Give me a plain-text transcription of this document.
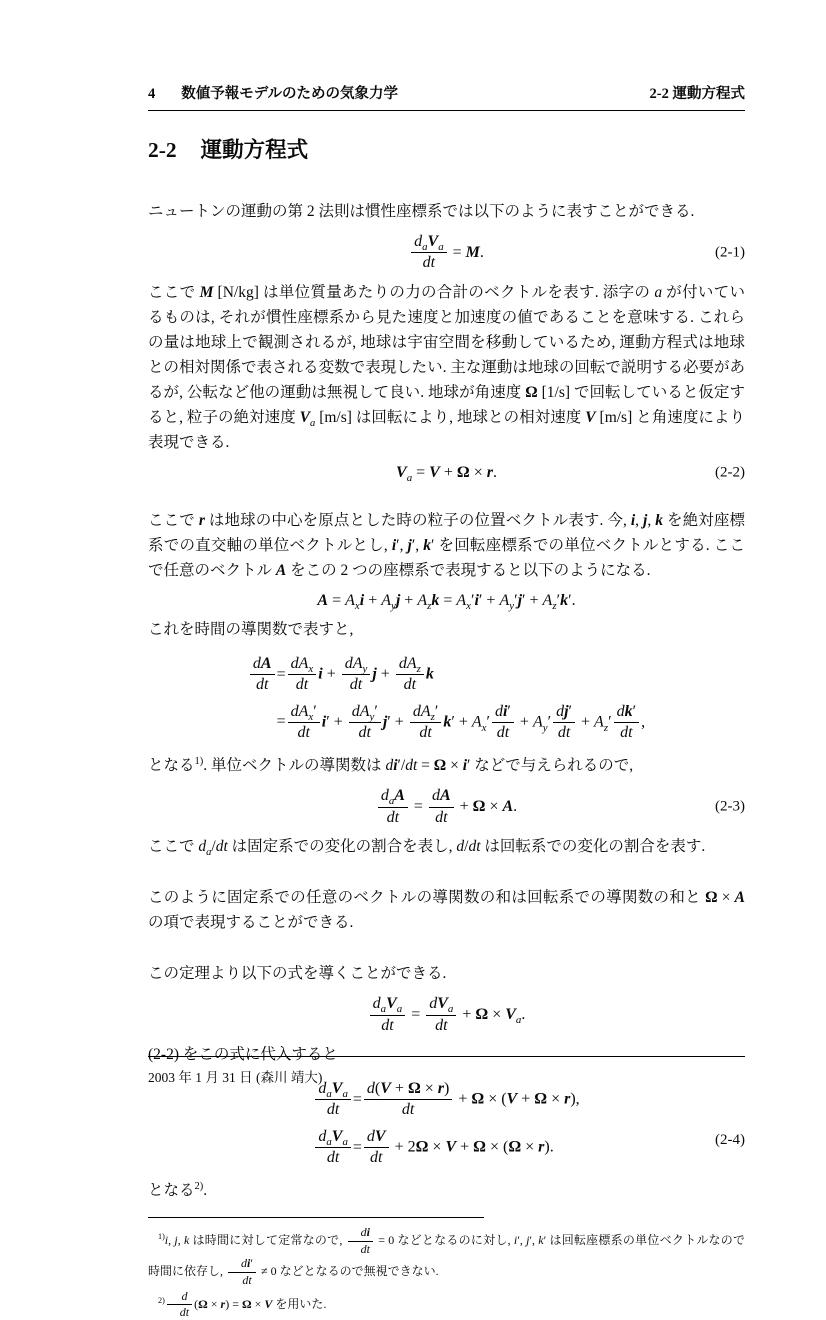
4 数値予報モデルのための気象力学	2-2 運動方程式
2-2 運動方程式

ニュートンの運動の第 2 法則は慣性座標系では以下のように表すことができる.

$\frac{d_aV_a}{dt} = M$.	(2-1)

ここで M [N/kg] は単位質量あたりの力の合計のベクトルを表す. 添字の a が付いているものは, それが慣性座標系から見た速度と加速度の値であることを意味する. これらの量は地球上で観測されるが, 地球は宇宙空間を移動しているため, 運動方程式は地球との相対関係で表される変数で表現したい. 主な運動は地球の回転で説明する必要があるが, 公転など他の運動は無視して良い. 地球が角速度 Ω [1/s] で回転していると仮定すると, 粒子の絶対速度 $V_a$ [m/s] は回転により, 地球との相対速度 V [m/s] と角速度により表現できる.

$V_a = V + \Omega \times r$.	(2-2)

ここで r は地球の中心を原点とした時の粒子の位置ベクトル表す. 今, i, j, k を絶対座標系での直交軸の単位ベクトルとし, i′, j′, k′ を回転座標系での単位ベクトルとする. ここで任意のベクトル A をこの 2 つの座標系で表現すると以下のようになる.

$A = A_xi + A_yj + A_zk = A_x'i' + A_y'j' + A_z'k'$.

これを時間の導関数で表すと,

$\frac{dA}{dt}$	=	$\frac{dA_x}{dt}$ $i + \frac{dA_y}{dt}$ $j + \frac{dA_z}{dt}$ k
	=	$\frac{dA_x'}{dt} i' + \frac{dA_y'}{dt} j' + \frac{dA_z'}{dt} k' + A_x' \frac{di'}{dt} + A_y' \frac{dj'}{dt} + A_z' \frac{dk'}{dt}$ ,

となる$^{1)}$. 単位ベクトルの導関数は di′/dt = Ω × i′ などで与えられるので,

$\frac{d_aA}{dt} = \frac{dA}{dt} + \Omega \times A$.	(2-3)

ここで $d_a/dt$ は固定系での変化の割合を表し, d/dt は回転系での変化の割合を表す.

このように固定系での任意のベクトルの導関数の和は回転系での導関数の和と Ω × A の項で表現することができる.

この定理より以下の式を導くことができる.

$\frac{d_aV_a}{dt} = \frac{dV_a}{dt} + \Omega \times V_a$.

(2-2) をこの式に代入すると

$\frac{d_aV_a}{dt}$	=	$\frac{d(V + \Omega \times r)}{dt} + \Omega \times (V + \Omega \times r)$,

$\frac{d_aV_a}{dt}$	=	$\frac{dV}{dt} + 2\Omega \times V + \Omega \times (\Omega \times r)$.	(2-4)

となる$^{2)}$.

$^{1)}$i, j, k は時間に対して定常なので, $\frac{di}{dt} = 0$ などとなるのに対し, i′, j′, k′ は回転座標系の単位ベクトルなので時間に依存し, $\frac{di'}{dt} \ne 0$ などとなるので無視できない.
$^{2)} \frac{d}{dt} (\Omega \times r) = \Omega \times V$ を用いた.
2003 年 1 月 31 日 (森川 靖大)
